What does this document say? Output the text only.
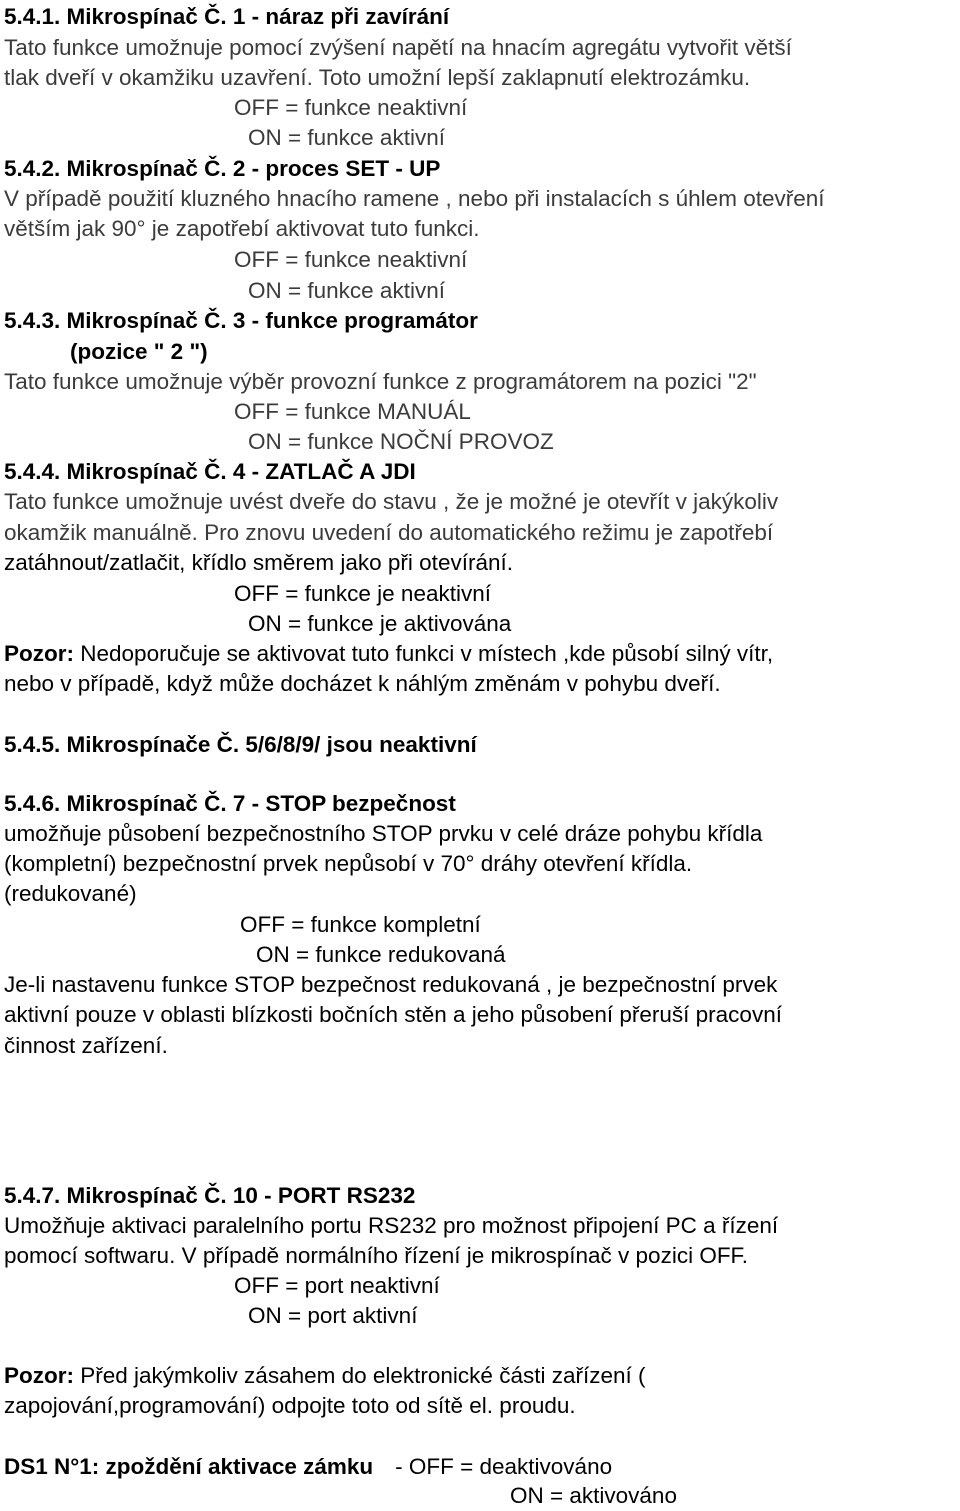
5.4.1. Mikrospínač Č. 1 - náraz při zavírání

Tato funkce umožnuje pomocí zvýšení napětí na hnacím agregátu vytvořit větší

tlak dveří v okamžiku uzavření. Toto umožní lepší zaklapnutí elektrozámku.

OFF = funkce neaktivní

ON = funkce aktivní

5.4.2. Mikrospínač Č. 2 - proces SET - UP

V případě použití kluzného hnacího ramene , nebo při instalacích s úhlem otevření

větším jak 90° je zapotřebí aktivovat tuto funkci.

OFF = funkce neaktivní

ON = funkce aktivní

5.4.3. Mikrospínač Č. 3 - funkce programátor

(pozice " 2 ")

Tato funkce umožnuje výběr provozní funkce z programátorem na pozici "2"

OFF = funkce MANUÁL

ON = funkce NOČNÍ PROVOZ

5.4.4. Mikrospínač Č. 4 - ZATLAČ A JDI

Tato funkce umožnuje uvést dveře do stavu , že je možné je otevřít v jakýkoliv

okamžik manuálně. Pro znovu uvedení do automatického režimu je zapotřebí

zatáhnout/zatlačit, křídlo směrem jako při otevírání.

OFF = funkce je neaktivní

ON = funkce je aktivována

Pozor: Nedoporučuje se aktivovat tuto funkci v místech ,kde působí silný vítr,

nebo v případě, když může docházet k náhlým změnám v pohybu dveří.

5.4.5. Mikrospínače Č. 5/6/8/9/ jsou neaktivní

5.4.6. Mikrospínač Č. 7 - STOP bezpečnost

umožňuje působení bezpečnostního STOP prvku v celé dráze pohybu křídla

(kompletní) bezpečnostní prvek nepůsobí v 70° dráhy otevření křídla.

(redukované)

OFF = funkce kompletní

ON = funkce redukovaná

Je-li nastavenu funkce STOP bezpečnost redukovaná , je bezpečnostní prvek

aktivní pouze v oblasti blízkosti bočních stěn a jeho působení přeruší pracovní

činnost zařízení.

5.4.7. Mikrospínač Č. 10 - PORT RS232

Umožňuje aktivaci paralelního portu RS232 pro možnost připojení PC a řízení

pomocí softwaru. V případě normálního řízení je mikrospínač v pozici OFF.

OFF = port neaktivní

ON = port aktivní

Pozor: Před jakýmkoliv zásahem do elektronické části zařízení (

zapojování,programování) odpojte toto od sítě el. proudu.

DS1 N°1: zpoždění aktivace zámku - OFF = deaktivováno

ON = aktivováno
